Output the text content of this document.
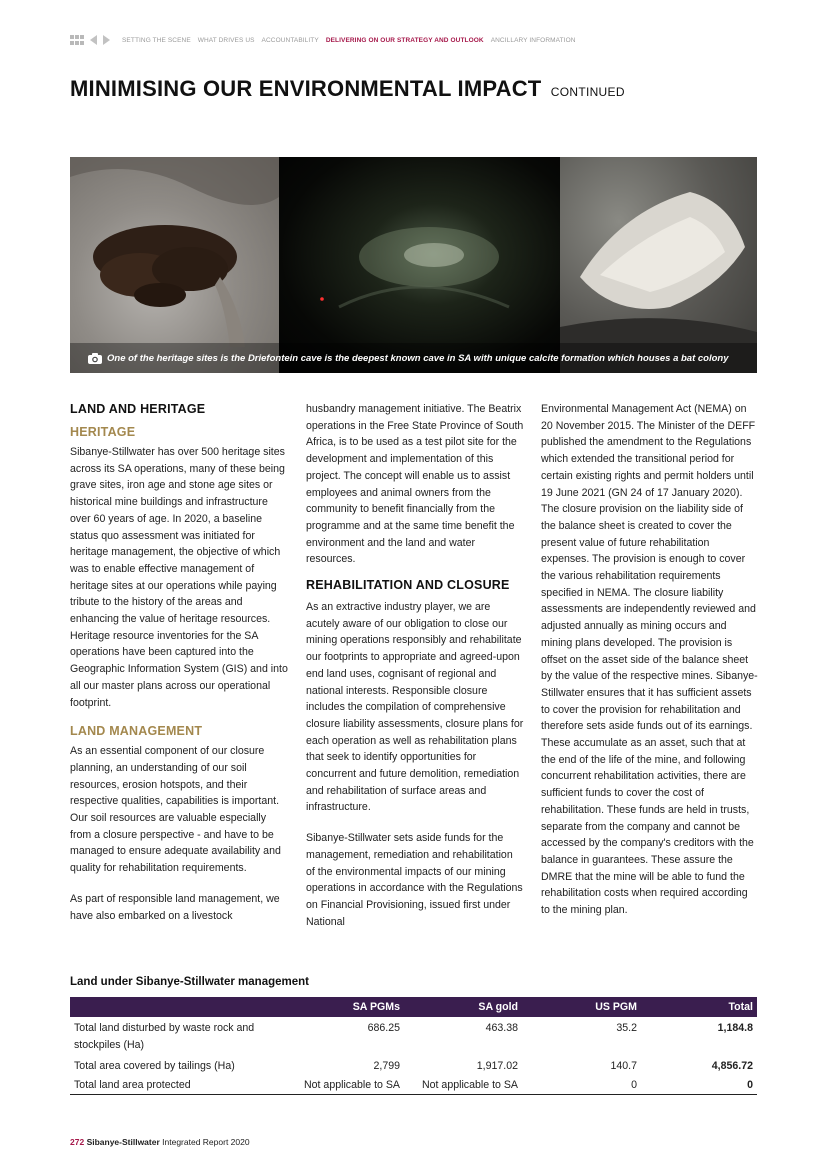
SETTING THE SCENE WHAT DRIVES US ACCOUNTABILITY DELIVERING ON OUR STRATEGY AND OUTLOOK ANCILLARY INFORMATION
MINIMISING OUR ENVIRONMENTAL IMPACT CONTINUED
One of the heritage sites is the Driefontein cave is the deepest known cave in SA with unique calcite formation which houses a bat colony
LAND AND HERITAGE
HERITAGE

Sibanye-Stillwater has over 500 heritage sites across its SA operations, many of these being grave sites, iron age and stone age sites or historical mine buildings and infrastructure over 60 years of age. In 2020, a baseline status quo assessment was initiated for heritage management, the objective of which was to enable effective management of heritage sites at our operations while paying tribute to the history of the areas and enhancing the value of heritage resources. Heritage resource inventories for the SA operations have been captured into the Geographic Information System (GIS) and into all our master plans across our operational footprint.

LAND MANAGEMENT

As an essential component of our closure planning, an understanding of our soil resources, erosion hotspots, and their respective qualities, capabilities is important. Our soil resources are valuable especially from a closure perspective - and have to be managed to ensure adequate availability and quality for rehabilitation requirements.

As part of responsible land management, we have also embarked on a livestock

husbandry management initiative. The Beatrix operations in the Free State Province of South Africa, is to be used as a test pilot site for the development and implementation of this project. The concept will enable us to assist employees and animal owners from the community to benefit financially from the programme and at the same time benefit the environment and the land and water resources.

REHABILITATION AND CLOSURE

As an extractive industry player, we are acutely aware of our obligation to close our mining operations responsibly and rehabilitate our footprints to appropriate and agreed-upon end land uses, cognisant of regional and national interests. Responsible closure includes the compilation of comprehensive closure liability assessments, closure plans for each operation as well as rehabilitation plans that seek to identify opportunities for concurrent and future demolition, remediation and rehabilitation of surface areas and infrastructure.

Sibanye-Stillwater sets aside funds for the management, remediation and rehabilitation of the environmental impacts of our mining operations in accordance with the Regulations on Financial Provisioning, issued first under National

Environmental Management Act (NEMA) on 20 November 2015. The Minister of the DEFF published the amendment to the Regulations which extended the transitional period for certain existing rights and permit holders until 19 June 2021 (GN 24 of 17 January 2020). The closure provision on the liability side of the balance sheet is created to cover the present value of future rehabilitation expenses. The provision is enough to cover the various rehabilitation requirements specified in NEMA. The closure liability assessments are independently reviewed and adjusted annually as mining occurs and mining plans developed. The provision is offset on the asset side of the balance sheet by the value of the respective mines. Sibanye-Stillwater ensures that it has sufficient assets to cover the provision for rehabilitation and therefore sets aside funds out of its earnings. These accumulate as an asset, such that at the end of the life of the mine, and following concurrent rehabilitation activities, there are sufficient funds to cover the cost of rehabilitation. These funds are held in trusts, separate from the company and cannot be accessed by the company's creditors with the balance in guarantees. These assure the DMRE that the mine will be able to fund the rehabilitation costs when required according to the mining plan.

Land under Sibanye-Stillwater management
	SA PGMs	SA gold	US PGM	Total
Total land disturbed by waste rock and stockpiles (Ha)	686.25	463.38	35.2	1,184.8
Total area covered by tailings (Ha)	2,799	1,917.02	140.7	4,856.72
Total land area protected	Not applicable to SA	Not applicable to SA	0	0
272 Sibanye-Stillwater Integrated Report 2020
